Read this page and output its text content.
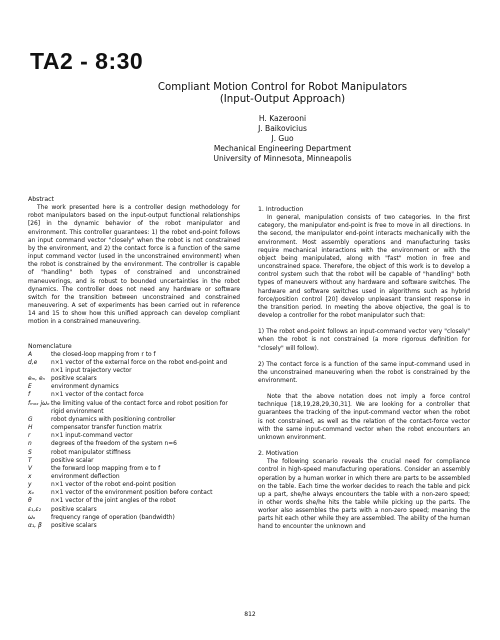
TA2 - 8:30
Compliant Motion Control for Robot Manipulators
(Input-Output Approach)
H. Kazerooni
J. Baikovicius
J. Guo
Mechanical Engineering Department
University of Minnesota, Minneapolis

Abstract

The work presented here is a controller design methodology for robot manipulators based on the input-output functional relationships [26] in the dynamic behavior of the robot manipulator and environment. This controller guarantees: 1) the robot end-point follows an input command vector "closely" when the robot is not constrained by the environment, and 2) the contact force is a function of the same input command vector (used in the unconstrained environment) when the robot is constrained by the environment. The controller is capable of "handling" both types of constrained and unconstrained maneuverings, and is robust to bounded uncertainties in the robot dynamics. The controller does not need any hardware or software switch for the transition between unconstrained and constrained maneuvering. A set of experiments has been carried out in reference 14 and 15 to show how this unified approach can develop compliant motion in a constrained maneuvering.

Nomenclature

A	the closed-loop mapping from r to f
d,e	n×1 vector of the external force on the robot end-point and n×1 input trajectory vector
eₘ, eₙ	positive scalars
E	environment dynamics
f	n×1 vector of the contact force
fₘₐₓ jωₒ the limiting value of the contact force and robot position for rigid environment
G	robot dynamics with positioning controller
H	compensator transfer function matrix
r	n×1 input-command vector
n	degrees of the freedom of the system n=6
S	robot manipulator stiffness
T	positive scalar
V	the forward loop mapping from e to f
x	environment deflection
y	n×1 vector of the robot end-point position
xₒ	n×1 vector of the environment position before contact
θ	n×1 vector of the joint angles of the robot
ε₁,ε₂	positive scalars
ωₒ	frequency range of operation (bandwidth)
α₁, β	positive scalars

1. Introduction

In general, manipulation consists of two categories. In the first category, the manipulator end-point is free to move in all directions. In the second, the manipulator end-point interacts mechanically with the environment. Most assembly operations and manufacturing tasks require mechanical interactions with the environment or with the object being manipulated, along with "fast" motion in free and unconstrained space. Therefore, the object of this work is to develop a control system such that the robot will be capable of "handling" both types of maneuvers without any hardware and software switches. The hardware and software switches used in algorithms such as hybrid force/position control [20] develop unpleasant transient response in the transition period. In meeting the above objective, the goal is to develop a controller for the robot manipulator such that:

1) The robot end-point follows an input-command vector very "closely" when the robot is not constrained (a more rigorous definition for "closely" will follow).

2) The contact force is a function of the same input-command used in the unconstrained maneuvering when the robot is constrained by the environment.

Note that the above notation does not imply a force control technique [18,19,28,29,30,31]. We are looking for a controller that guarantees the tracking of the input-command vector when the robot is not constrained, as well as the relation of the contact-force vector with the same input-command vector when the robot encounters an unknown environment.

2. Motivation

The following scenario reveals the crucial need for compliance control in high-speed manufacturing operations. Consider an assembly operation by a human worker in which there are parts to be assembled on the table. Each time the worker decides to reach the table and pick up a part, she/he always encounters the table with a non-zero speed; in other words she/he hits the table while picking up the parts. The worker also assembles the parts with a non-zero speed; meaning the parts hit each other while they are assembled. The ability of the human hand to encounter the unknown and

812
